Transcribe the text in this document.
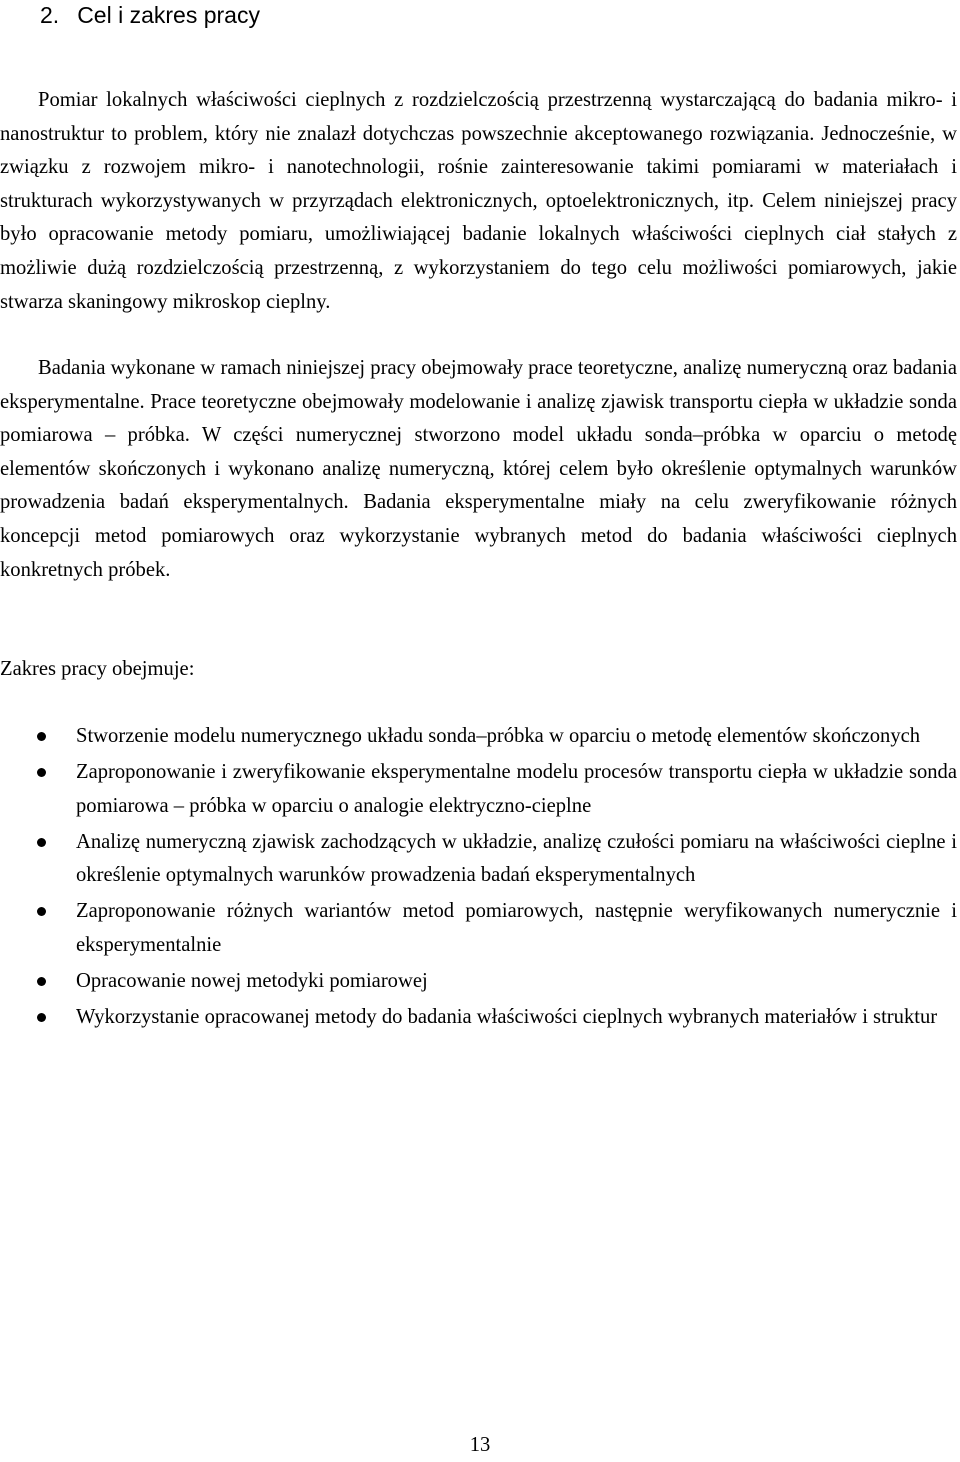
2. Cel i zakres pracy

Pomiar lokalnych właściwości cieplnych z rozdzielczością przestrzenną wystarczającą do badania mikro- i nanostruktur to problem, który nie znalazł dotychczas powszechnie akceptowanego rozwiązania. Jednocześnie, w związku z rozwojem mikro- i nanotechnologii, rośnie zainteresowanie takimi pomiarami w materiałach i strukturach wykorzystywanych w przyrządach elektronicznych, optoelektronicznych, itp. Celem niniejszej pracy było opracowanie metody pomiaru, umożliwiającej badanie lokalnych właściwości cieplnych ciał stałych z możliwie dużą rozdzielczością przestrzenną, z wykorzystaniem do tego celu możliwości pomiarowych, jakie stwarza skaningowy mikroskop cieplny.

Badania wykonane w ramach niniejszej pracy obejmowały prace teoretyczne, analizę numeryczną oraz badania eksperymentalne. Prace teoretyczne obejmowały modelowanie i analizę zjawisk transportu ciepła w układzie sonda pomiarowa – próbka. W części numerycznej stworzono model układu sonda–próbka w oparciu o metodę elementów skończonych i wykonano analizę numeryczną, której celem było określenie optymalnych warunków prowadzenia badań eksperymentalnych. Badania eksperymentalne miały na celu zweryfikowanie różnych koncepcji metod pomiarowych oraz wykorzystanie wybranych metod do badania właściwości cieplnych konkretnych próbek.

Zakres pracy obejmuje:

Stworzenie modelu numerycznego układu sonda–próbka w oparciu o metodę elementów skończonych
Zaproponowanie i zweryfikowanie eksperymentalne modelu procesów transportu ciepła w układzie sonda pomiarowa – próbka w oparciu o analogie elektryczno-cieplne
Analizę numeryczną zjawisk zachodzących w układzie, analizę czułości pomiaru na właściwości cieplne i określenie optymalnych warunków prowadzenia badań eksperymentalnych
Zaproponowanie różnych wariantów metod pomiarowych, następnie weryfikowanych numerycznie i eksperymentalnie
Opracowanie nowej metodyki pomiarowej
Wykorzystanie opracowanej metody do badania właściwości cieplnych wybranych materiałów i struktur

13
